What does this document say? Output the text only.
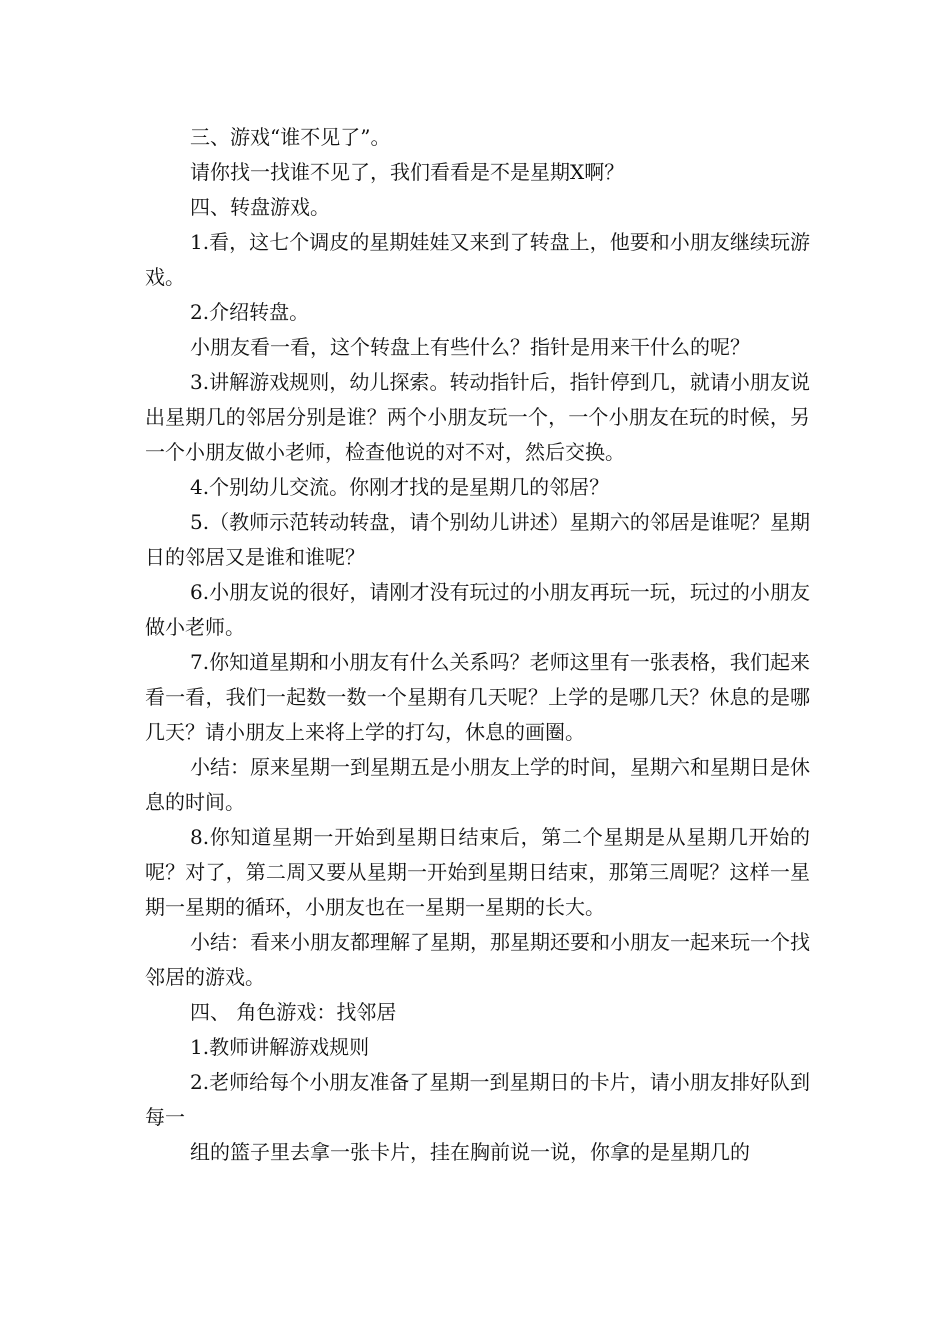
三、游戏“谁不见了”。

请你找一找谁不见了，我们看看是不是星期X啊？

四、转盘游戏。

1.看，这七个调皮的星期娃娃又来到了转盘上，他要和小朋友继续玩游戏。

2.介绍转盘。

小朋友看一看，这个转盘上有些什么？指针是用来干什么的呢？

3.讲解游戏规则，幼儿探索。转动指针后，指针停到几，就请小朋友说出星期几的邻居分别是谁？两个小朋友玩一个，一个小朋友在玩的时候，另一个小朋友做小老师，检查他说的对不对，然后交换。

4.个别幼儿交流。你刚才找的是星期几的邻居？

5.（教师示范转动转盘，请个别幼儿讲述）星期六的邻居是谁呢？星期日的邻居又是谁和谁呢？

6.小朋友说的很好，请刚才没有玩过的小朋友再玩一玩，玩过的小朋友做小老师。

7.你知道星期和小朋友有什么关系吗？老师这里有一张表格，我们起来看一看，我们一起数一数一个星期有几天呢？上学的是哪几天？休息的是哪几天？请小朋友上来将上学的打勾，休息的画圈。

小结：原来星期一到星期五是小朋友上学的时间，星期六和星期日是休息的时间。

8.你知道星期一开始到星期日结束后，第二个星期是从星期几开始的呢？对了，第二周又要从星期一开始到星期日结束，那第三周呢？这样一星期一星期的循环，小朋友也在一星期一星期的长大。

小结：看来小朋友都理解了星期，那星期还要和小朋友一起来玩一个找邻居的游戏。

四、 角色游戏：找邻居

1.教师讲解游戏规则

2.老师给每个小朋友准备了星期一到星期日的卡片，请小朋友排好队到每一

组的篮子里去拿一张卡片，挂在胸前说一说，你拿的是星期几的
